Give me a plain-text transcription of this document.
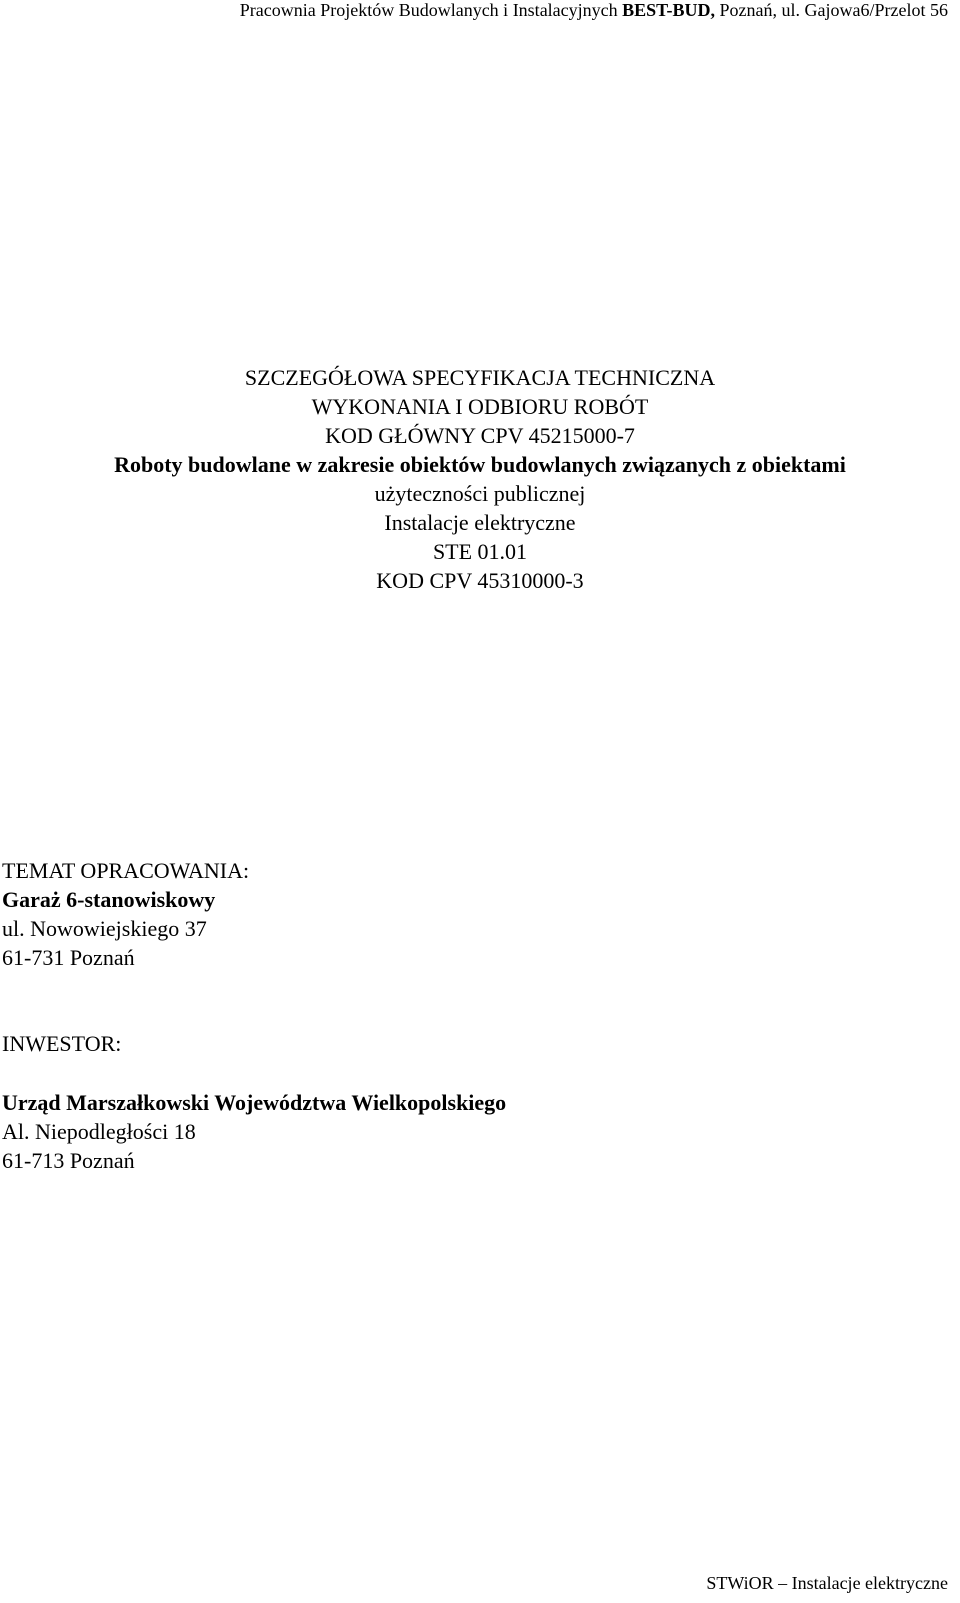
Pracownia Projektów Budowlanych i Instalacyjnych BEST-BUD, Poznań, ul. Gajowa6/Przelot 56
SZCZEGÓŁOWA SPECYFIKACJA TECHNICZNA
WYKONANIA I ODBIORU ROBÓT
KOD GŁÓWNY CPV 45215000-7
Roboty budowlane w zakresie obiektów budowlanych związanych z obiektami
użyteczności publicznej
Instalacje elektryczne
STE 01.01
KOD CPV 45310000-3
TEMAT OPRACOWANIA:
Garaż 6-stanowiskowy
ul. Nowowiejskiego 37
61-731 Poznań
INWESTOR:
Urząd Marszałkowski Województwa Wielkopolskiego
Al. Niepodległości 18
61-713 Poznań
STWiOR – Instalacje elektryczne
